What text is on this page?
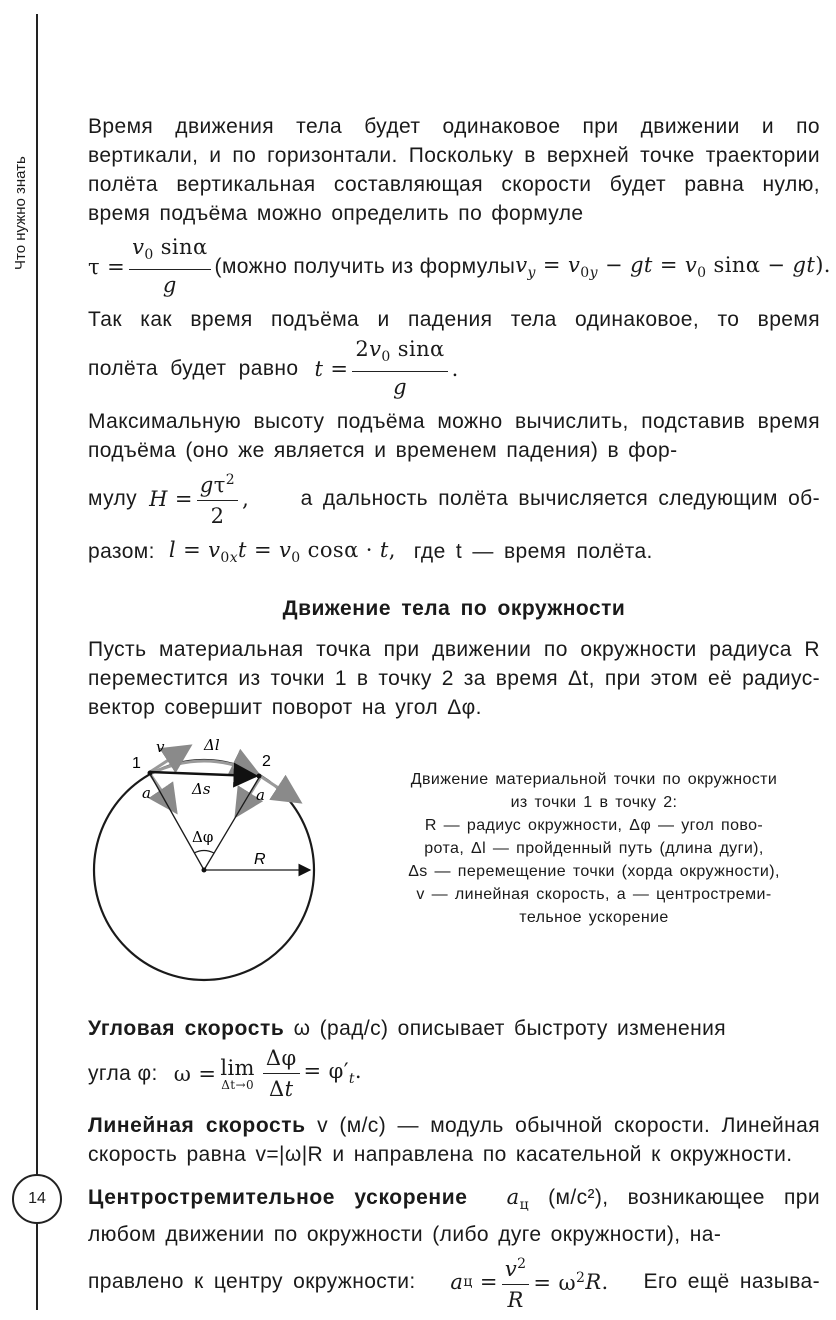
Что нужно знать
14

Время движения тела будет одинаковое при движении и по вертикали, и по горизонтали. Поскольку в верхней точке траектории полёта вертикальная составляющая скорости будет равна нулю, время подъёма можно определить по формуле

$\tau = \frac{v_0 \sin\alpha}{g}$ (можно получить из формулы $v_y = v_{0y}$ − gt = $v_0$ sinα − gt).

Так как время подъёма и падения тела одинаковое, то время

полёта будет равно $t = \frac{2v_0 \sin\alpha}{g}$ .

Максимальную высоту подъёма можно вычислить, подставив время подъёма (оно же является и временем падения) в фор-

мулу $H = \frac{g\tau^2}{2}$ , а дальность полёта вычисляется следующим об-
разом: $l = v_{0x}t = v_0$ cosα · t, где t — время полёта.
Движение тела по окружности

Пусть материальная точка при движении по окружности радиуса R переместится из точки 1 в точку 2 за время Δt, при этом её радиус-вектор совершит поворот на угол Δφ.

1	2
v	Δl
Δs
a	a
Δφ
R
Движение материальной точки по окружности
из точки 1 в точку 2:
R — радиус окружности, Δφ — угол пово-
рота, Δl — пройденный путь (длина дуги),
Δs — перемещение точки (хорда окружности),
v — линейная скорость, a — центростреми-
тельное ускорение

Угловая скорость ω (рад/с) описывает быстроту изменения

угла φ: ω = lim
$\Delta t\to 0 \frac{\Delta\varphi}{\Delta t} = \varphi'_t$.

Линейная скорость v (м/с) — модуль обычной скорости. Линейная скорость равна v=|ω|R и направлена по касательной к окружности.

Центростремительное ускорение  $a_ц$ (м/с²), возникающее при любом движении по окружности (либо дуге окружности), на-

правлено к центру окружности: a $ц = \frac{v^2}{R} = \omega^2$ R . Его ещё называ-
